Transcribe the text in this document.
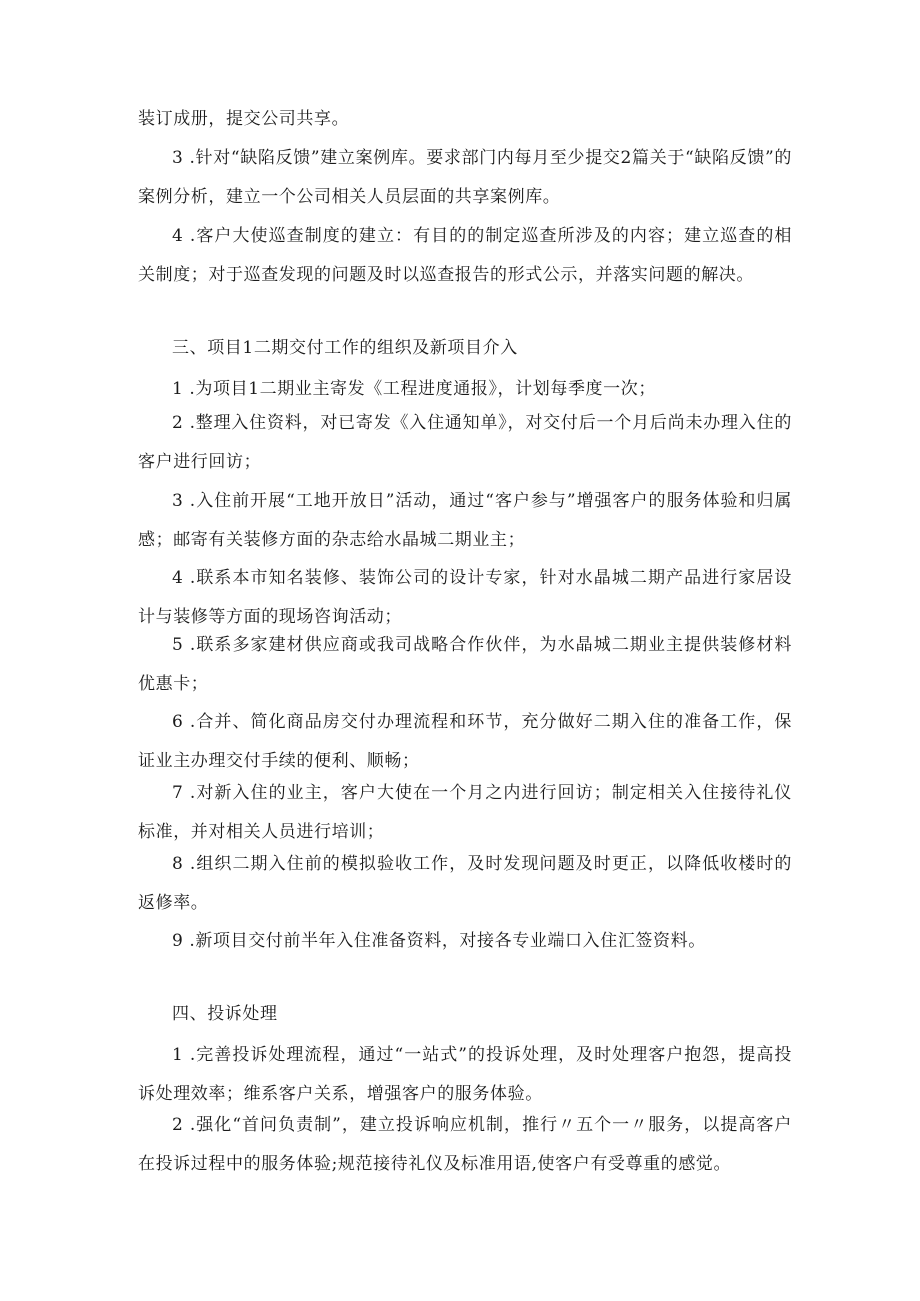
装订成册，提交公司共享。

3 .针对“缺陷反馈”建立案例库。要求部门内每月至少提交2篇关于“缺陷反馈”的案例分析，建立一个公司相关人员层面的共享案例库。

4 .客户大使巡查制度的建立：有目的的制定巡查所涉及的内容；建立巡查的相关制度；对于巡查发现的问题及时以巡查报告的形式公示，并落实问题的解决。

三、项目1二期交付工作的组织及新项目介入

1 .为项目1二期业主寄发《工程进度通报》，计划每季度一次；

2 .整理入住资料，对已寄发《入住通知单》，对交付后一个月后尚未办理入住的客户进行回访；

3 .入住前开展“工地开放日”活动，通过“客户参与”增强客户的服务体验和归属感；邮寄有关装修方面的杂志给水晶城二期业主；

4 .联系本市知名装修、装饰公司的设计专家，针对水晶城二期产品进行家居设计与装修等方面的现场咨询活动；

5 .联系多家建材供应商或我司战略合作伙伴，为水晶城二期业主提供装修材料优惠卡；

6 .合并、简化商品房交付办理流程和环节，充分做好二期入住的准备工作，保证业主办理交付手续的便利、顺畅；

7 .对新入住的业主，客户大使在一个月之内进行回访；制定相关入住接待礼仪标准，并对相关人员进行培训；

8 .组织二期入住前的模拟验收工作，及时发现问题及时更正，以降低收楼时的返修率。

9 .新项目交付前半年入住准备资料，对接各专业端口入住汇签资料。

四、投诉处理

1 .完善投诉处理流程，通过“一站式”的投诉处理，及时处理客户抱怨，提高投诉处理效率；维系客户关系，增强客户的服务体验。

2 .强化“首问负责制”，建立投诉响应机制，推行〃五个一〃服务，以提高客户在投诉过程中的服务体验;规范接待礼仪及标准用语,使客户有受尊重的感觉。
